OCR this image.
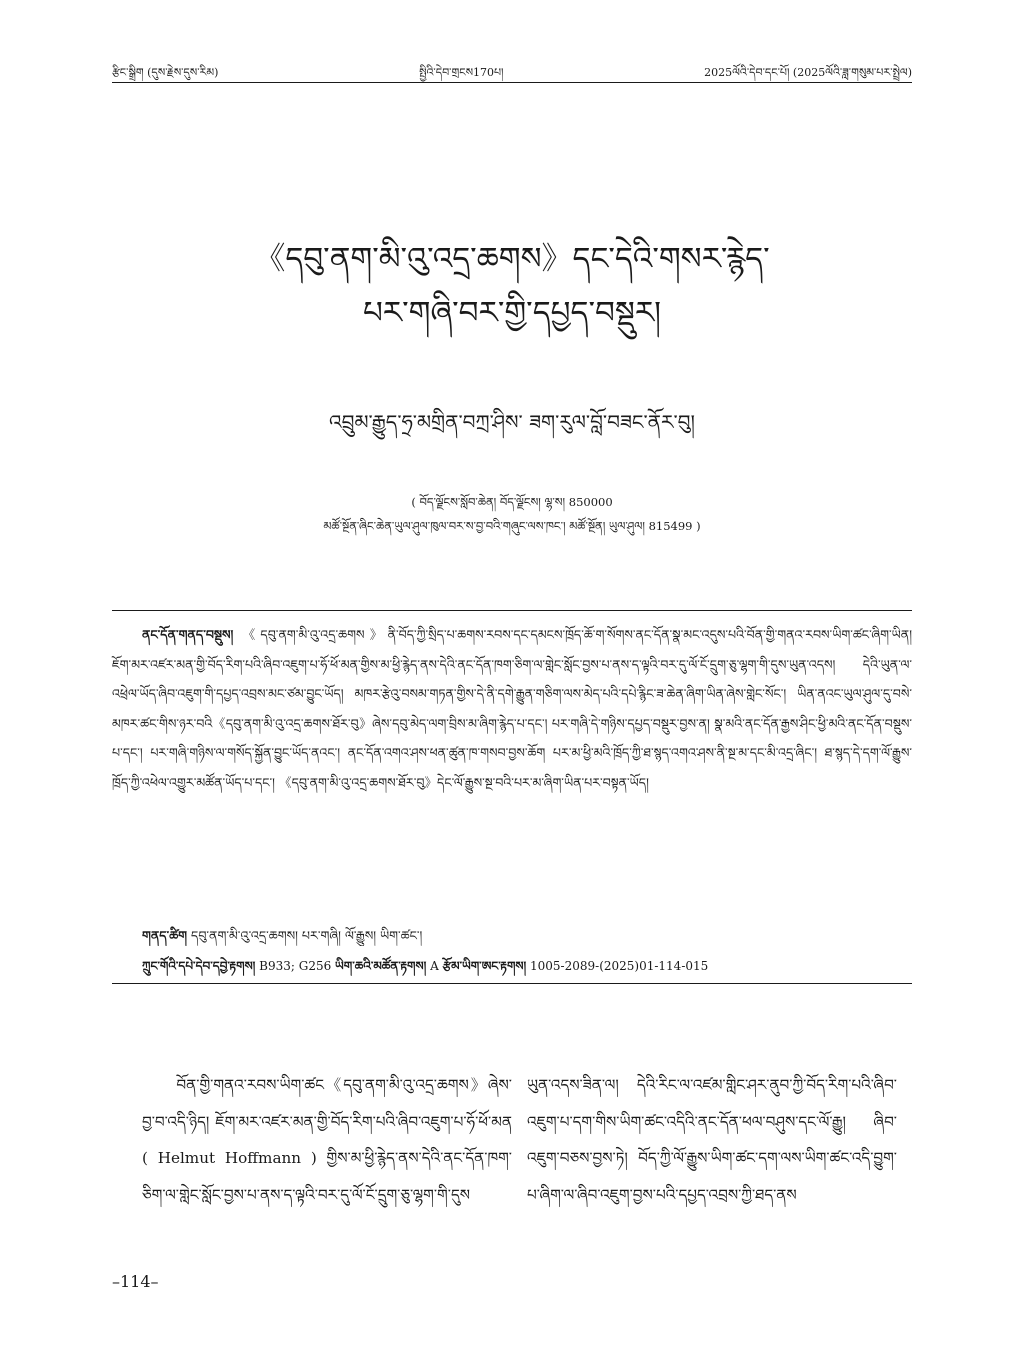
རྩིང་སྒྲིག (དུས་རྗེས་དུས་རིམ)	སྤྱིའི་དེབ་གྲངས170པ།	2025ལོའི་དེབ་དང་པོ། (2025ལོའི་ཟླ་གསུམ་པར་སྤྲེལ)
《དབུ་ནག་མི་འུ་འདྲ་ཆགས》དང་དེའི་གསར་རྙེད་
པར་གཞི་བར་གྱི་དཔྱད་བསྡུར།
འབྲུམ་རྒྱུད་ཧྲ་མགྲིན་བཀྲ་ཤིས་ ཟག་རུལ་བློ་བཟང་ནོར་བུ།
( བོད་ལྗོངས་སློབ་ཆེན། བོད་ལྗོངས། ལྷ་ས། 850000
མཚོ་སྔོན་ཞིང་ཆེན་ཡུལ་ཤུལ་ཁུལ་བར་ས་བྱ་བའི་གཞུང་ལས་ཁང་། མཚོ་སྔོན། ཡུལ་ཤུལ། 815499 )
ནང་དོན་གནད་བསྡུས། 《དབུ་ནག་མི་འུ་འདྲ་ཆགས》ནི་བོད་ཀྱི་སྲིད་པ་ཆགས་རབས་དང་དམངས་ཁྲོད་ཆོ་ག་སོགས་ནང་དོན་སྣ་མང་འདུས་པའི་བོན་གྱི་གནའ་རབས་ཡིག་ཚང་ཞིག་ཡིན། ཇོག་མར་འཛར་མན་གྱི་བོད་རིག་པའི་ཞིབ་འཇུག་པ་ཧོ་ཕོ་མན་གྱིས་མ་ཕྱི་རྙེད་ནས་དེའི་ནང་དོན་ཁག་ཅིག་ལ་གླེང་སློང་བྱས་པ་ནས་ད་ལྟའི་བར་དུ་ལོ་ངོ་དྲུག་ཅུ་ལྷག་གི་དུས་ཡུན་འདས། དེའི་ཡུན་ལ་འཕྲེལ་ཡོད་ཞིབ་འཇུག་གི་དཔྱད་འབྲས་མང་ཙམ་བྱུང་ཡོད། མཁར་རྩེའུ་བསམ་གཏན་གྱིས་དེ་ནི་དགེ་རྒྱུན་གཅིག་ལས་མེད་པའི་དཔེ་རྙིང་ཟ་ཆེན་ཞིག་ཡིན་ཞེས་གླེང་སོང་། ཡིན་ནའང་ཡུལ་ཤུལ་དུ་བསེ་མཁར་ཚང་གིས་ཉར་བའི《དབུ་ནག་མི་འུ་འདྲ་ཆགས་ཐོར་བུ》ཞེས་དབུ་མེད་ལག་བྲིས་མ་ཞིག་རྙེད་པ་དང་། པར་གཞི་དེ་གཉིས་དཔྱད་བསྡུར་བྱས་ན། སྣ་མའི་ནང་དོན་རྒྱས་ཤིང་ཕྱི་མའི་ནང་དོན་བསྡུས་པ་དང་། པར་གཞི་གཉིས་ལ་གསོད་སྐྱོན་བྱུང་ཡོད་ནའང་། ནང་དོན་འགའ་ཤས་ཕན་ཚུན་ཁ་གསབ་བྱས་ཆོག པར་མ་ཕྱི་མའི་ཁྲོད་ཀྱི་ཐ་སྙད་འགའ་ཤས་ནི་སྔ་མ་དང་མི་འདྲ་ཞིང་། ཐ་སྙད་དེ་དག་ལོ་རྒྱུས་ཁྲོད་ཀྱི་འཕེལ་འགྱུར་མཚོན་ཡོད་པ་དང་། 《དབུ་ནག་མི་འུ་འདྲ་ཆགས་ཐོར་བུ》དེང་ལོ་རྒྱུས་སྔ་བའི་པར་མ་ཞིག་ཡིན་པར་བསྟན་ཡོད།
གནད་ཚིག དབུ་ནག་མི་འུ་འདྲ་ཆགས། པར་གཞི། ལོ་རྒྱུས། ཡིག་ཚང་།
ཀྲུང་གོའི་དཔེ་དེབ་དབྱེ་རྟགས། B933; G256 ཡིག་ཆའི་མཚོན་རྟགས། A རྩོམ་ཡིག་ཨང་རྟགས། 1005-2089-(2025)01-114-015
　　བོན་གྱི་གནའ་རབས་ཡིག་ཚང《དབུ་ནག་མི་འུ་འདྲ་ཆགས》ཞེས་བྱ་བ་འདི་ཉིད། ཇོག་མར་འཛར་མན་གྱི་བོད་རིག་པའི་ཞིབ་འཇུག་པ་ཧོ་ཕོ་མན ( Helmut Hoffmann ) གྱིས་མ་ཕྱི་རྙེད་ནས་དེའི་ནང་དོན་ཁག་ཅིག་ལ་གླེང་སློང་བྱས་པ་ནས་ད་ལྟའི་བར་དུ་ལོ་ངོ་དྲུག་ཅུ་ལྷག་གི་དུས
ཡུན་འདས་ཟིན་ལ། དེའི་རིང་ལ་འཛམ་གླིང་ཤར་ནུབ་ཀྱི་བོད་རིག་པའི་ཞིབ་འཇུག་པ་དག་གིས་ཡིག་ཚང་འདིའི་ནང་དོན་ཕལ་བཤུས་དང་ལོ་རྒྱུ། ཞིབ་འཇུག་བཅས་བྱས་ཏེ། བོད་ཀྱི་ལོ་རྒྱུས་ཡིག་ཚང་དག་ལས་ཡིག་ཚང་འདི་བྱུག་པ་ཞིག་ལ་ཞིབ་འཇུག་བྱས་པའི་དཔྱད་འབྲས་ཀྱི་ཐད་ནས
–114–
